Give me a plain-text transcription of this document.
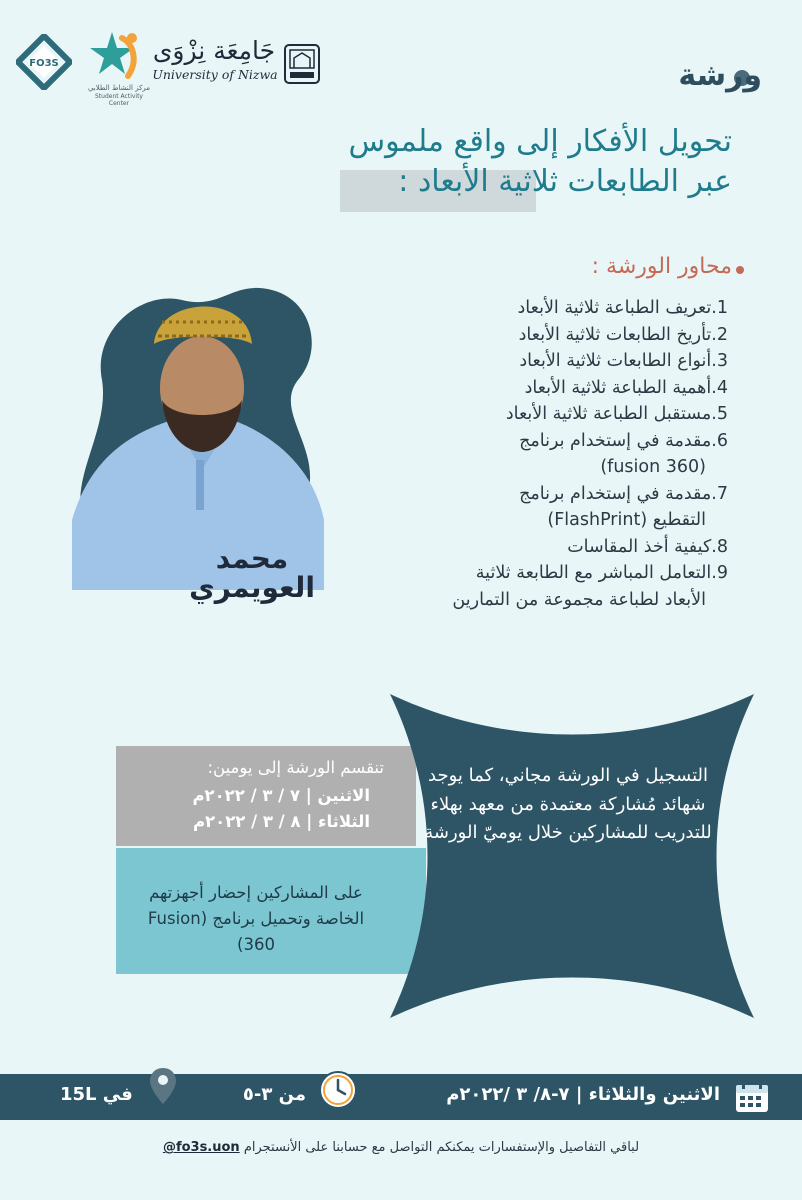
FO3S
مركز النشاط الطلابي
Student Activity Center
جَامِعَة نِزْوَى
University of Nizwa	ورشة
تحويل الأفكار إلى واقع ملموس
عبر الطابعات ثلاثية الأبعاد :
محاور الورشة :
1.تعريف الطباعة ثلاثية الأبعاد
2.تأريخ الطابعات ثلاثية الأبعاد
3.أنواع الطابعات ثلاثية الأبعاد
4.أهمية الطباعة ثلاثية الأبعاد
5.مستقبل الطباعة ثلاثية الأبعاد
6.مقدمة في إستخدام برنامج
(fusion 360)
7.مقدمة في إستخدام برنامج
التقطيع (FlashPrint)
8.كيفية أخذ المقاسات
9.التعامل المباشر مع الطابعة ثلاثية
الأبعاد لطباعة مجموعة من التمارين
محمد
العويمري
تنقسم الورشة إلى يومين:
الاثنين | ٧ / ٣ / ٢٠٢٢م
الثلاثاء | ٨ / ٣ / ٢٠٢٢م
على المشاركين إحضار أجهزتهم الخاصة وتحميل برنامج (Fusion 360)
التسجيل في الورشة مجاني، كما يوجد شهائد مُشاركة معتمدة من معهد بهلاء للتدريب للمشاركين خلال يوميّ الورشة
الاثنين والثلاثاء | ٧-٨/ ٣ /٢٠٢٢م
من ٣-٥
في 15L
@fo3s.uon لباقي التفاصيل والإستفسارات يمكنكم التواصل مع حسابنا على الأنستجرام
